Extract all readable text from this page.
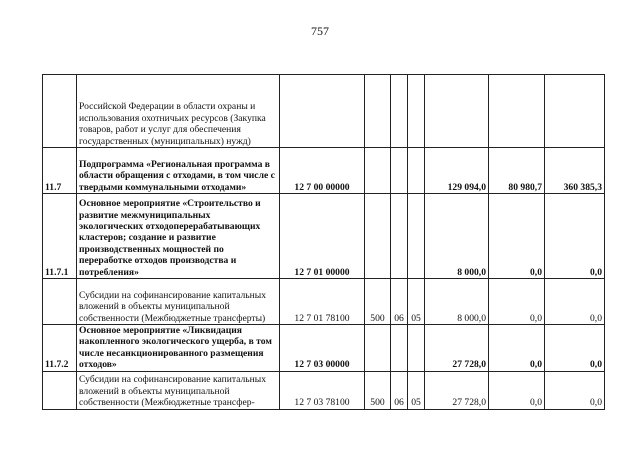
757
	Российской Федерации в области охраны и использования охотничьих ресурсов (Закупка товаров, работ и услуг для обеспечения государственных (муниципальных) нужд)							
11.7	Подпрограмма «Региональная программа в области обращения с отходами, в том числе с твердыми коммунальными отходами»	12 7 00 00000				129 094,0	80 980,7	360 385,3
11.7.1	Основное мероприятие «Строительство и развитие межмуниципальных экологических отходоперерабатывающих кластеров; создание и развитие производственных мощностей по переработке отходов производства и потребления»	12 7 01 00000				8 000,0	0,0	0,0
	Субсидии на софинансирование капитальных вложений в объекты муниципальной собственности (Межбюджетные трансферты)	12 7 01 78100	500	06	05	8 000,0	0,0	0,0
11.7.2	Основное мероприятие «Ликвидация накопленного экологического ущерба, в том числе несанкционированного размещения отходов»	12 7 03 00000				27 728,0	0,0	0,0
	Субсидии на софинансирование капитальных вложений в объекты муниципальной собственности (Межбюджетные трансфер-	12 7 03 78100	500	06	05	27 728,0	0,0	0,0
